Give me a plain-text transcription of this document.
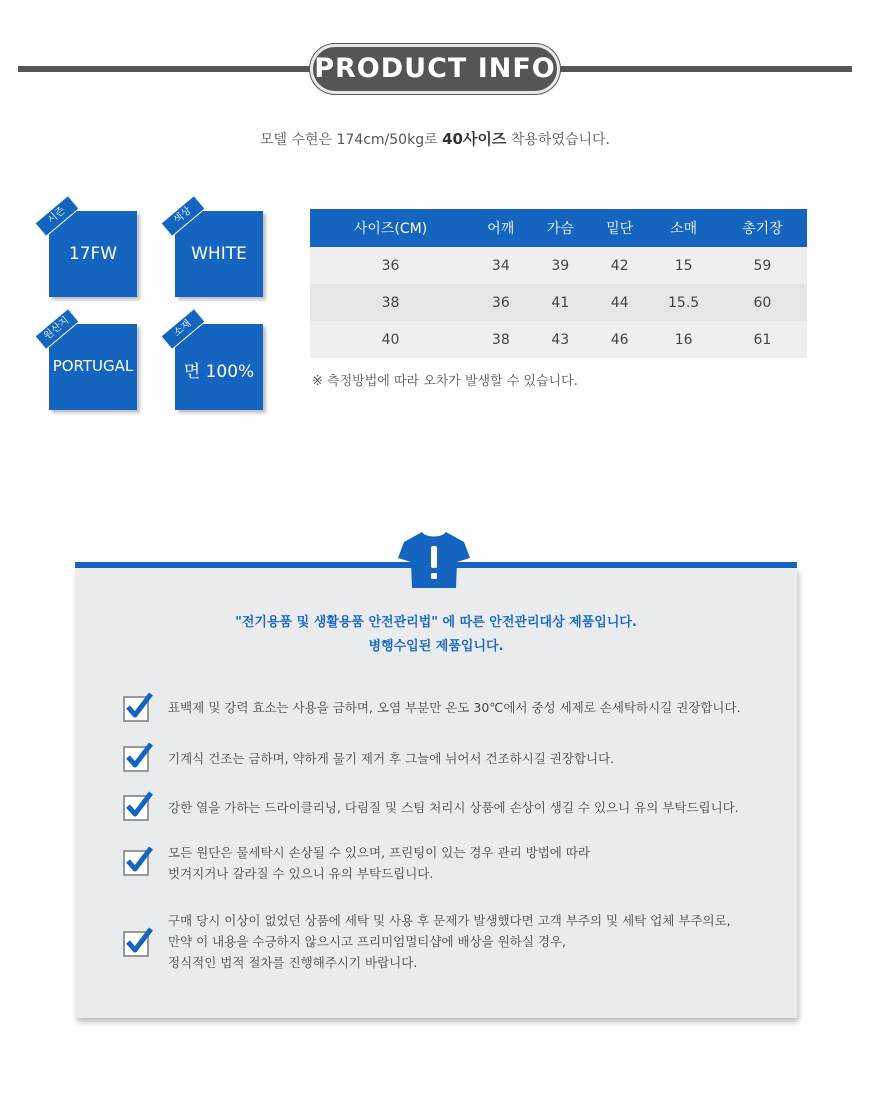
PRODUCT INFO
모델 수현은 174cm/50kg로 40사이즈 착용하였습니다.
시즌
17FW
색상
WHITE
원산지
PORTUGAL
소재
면 100%
사이즈(CM)	어깨	가슴	밑단	소매	총기장
36	34	39	42	15	59
38	36	41	44	15.5	60
40	38	43	46	16	61
※ 측정방법에 따라 오차가 발생할 수 있습니다.
"전기용품 및 생활용품 안전관리법" 에 따른 안전관리대상 제품입니다.
병행수입된 제품입니다.
표백제 및 강력 효소는 사용을 금하며, 오염 부분만 온도 30℃에서 중성 세제로 손세탁하시길 권장합니다.
기계식 건조는 금하며, 약하게 물기 제거 후 그늘에 뉘어서 건조하시길 권장합니다.
강한 열을 가하는 드라이클리닝, 다림질 및 스팀 처리시 상품에 손상이 생길 수 있으니 유의 부탁드립니다.
모든 원단은 물세탁시 손상될 수 있으며, 프린팅이 있는 경우 관리 방법에 따라
벗겨지거나 갈라질 수 있으니 유의 부탁드립니다.
구매 당시 이상이 없었던 상품에 세탁 및 사용 후 문제가 발생했다면 고객 부주의 및 세탁 업체 부주의로,
만약 이 내용을 수긍하지 않으시고 프리미엄멀티샵에 배상을 원하실 경우,
정식적인 법적 절차를 진행해주시기 바랍니다.
